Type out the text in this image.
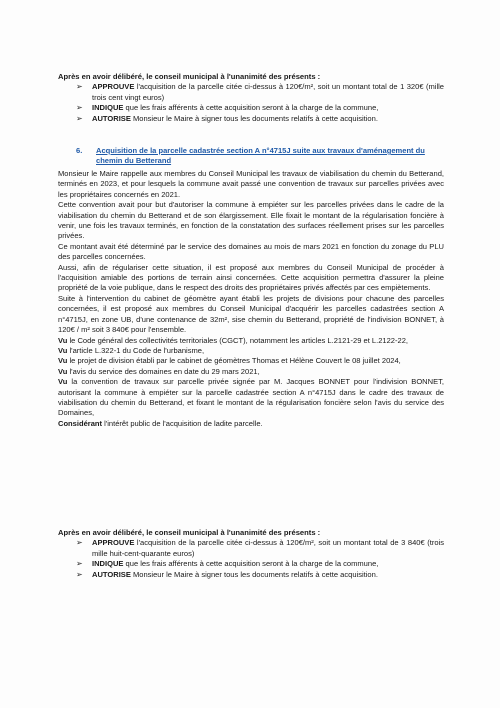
Après en avoir délibéré, le conseil municipal à l'unanimité des présents :

➢	APPROUVE l'acquisition de la parcelle citée ci-dessus à 120€/m², soit un montant total de 1 320€ (mille trois cent vingt euros)
➢	INDIQUE que les frais afférents à cette acquisition seront à la charge de la commune,
➢	AUTORISE Monsieur le Maire à signer tous les documents relatifs à cette acquisition.
6. Acquisition de la parcelle cadastrée section A n°4715J suite aux travaux d'aménagement du chemin du Betterand

Monsieur le Maire rappelle aux membres du Conseil Municipal les travaux de viabilisation du chemin du Betterand, terminés en 2023, et pour lesquels la commune avait passé une convention de travaux sur parcelles privées avec les propriétaires concernés en 2021.

Cette convention avait pour but d'autoriser la commune à empiéter sur les parcelles privées dans le cadre de la viabilisation du chemin du Betterand et de son élargissement. Elle fixait le montant de la régularisation foncière à venir, une fois les travaux terminés, en fonction de la constatation des surfaces réellement prises sur les parcelles privées.

Ce montant avait été déterminé par le service des domaines au mois de mars 2021 en fonction du zonage du PLU des parcelles concernées.

Aussi, afin de régulariser cette situation, il est proposé aux membres du Conseil Municipal de procéder à l'acquisition amiable des portions de terrain ainsi concernées. Cette acquisition permettra d'assurer la pleine propriété de la voie publique, dans le respect des droits des propriétaires privés affectés par ces empiètements.

Suite à l'intervention du cabinet de géomètre ayant établi les projets de divisions pour chacune des parcelles concernées, il est proposé aux membres du Conseil Municipal d'acquérir les parcelles cadastrées section A n°4715J, en zone UB, d'une contenance de 32m², sise chemin du Betterand, propriété de l'indivision BONNET, à 120€ / m² soit 3 840€ pour l'ensemble.

Vu le Code général des collectivités territoriales (CGCT), notamment les articles L.2121-29 et L.2122-22,

Vu l'article L.322-1 du Code de l'urbanisme,

Vu le projet de division établi par le cabinet de géomètres Thomas et Hélène Couvert le 08 juillet 2024,

Vu l'avis du service des domaines en date du 29 mars 2021,

Vu la convention de travaux sur parcelle privée signée par M. Jacques BONNET pour l'indivision BONNET, autorisant la commune à empiéter sur la parcelle cadastrée section A n°4715J dans le cadre des travaux de viabilisation du chemin du Betterand, et fixant le montant de la régularisation foncière selon l'avis du service des Domaines,

Considérant l'intérêt public de l'acquisition de ladite parcelle.

Après en avoir délibéré, le conseil municipal à l'unanimité des présents :

➢	APPROUVE l'acquisition de la parcelle citée ci-dessus à 120€/m², soit un montant total de 3 840€ (trois mille huit-cent-quarante euros)
➢	INDIQUE que les frais afférents à cette acquisition seront à la charge de la commune,
➢	AUTORISE Monsieur le Maire à signer tous les documents relatifs à cette acquisition.
